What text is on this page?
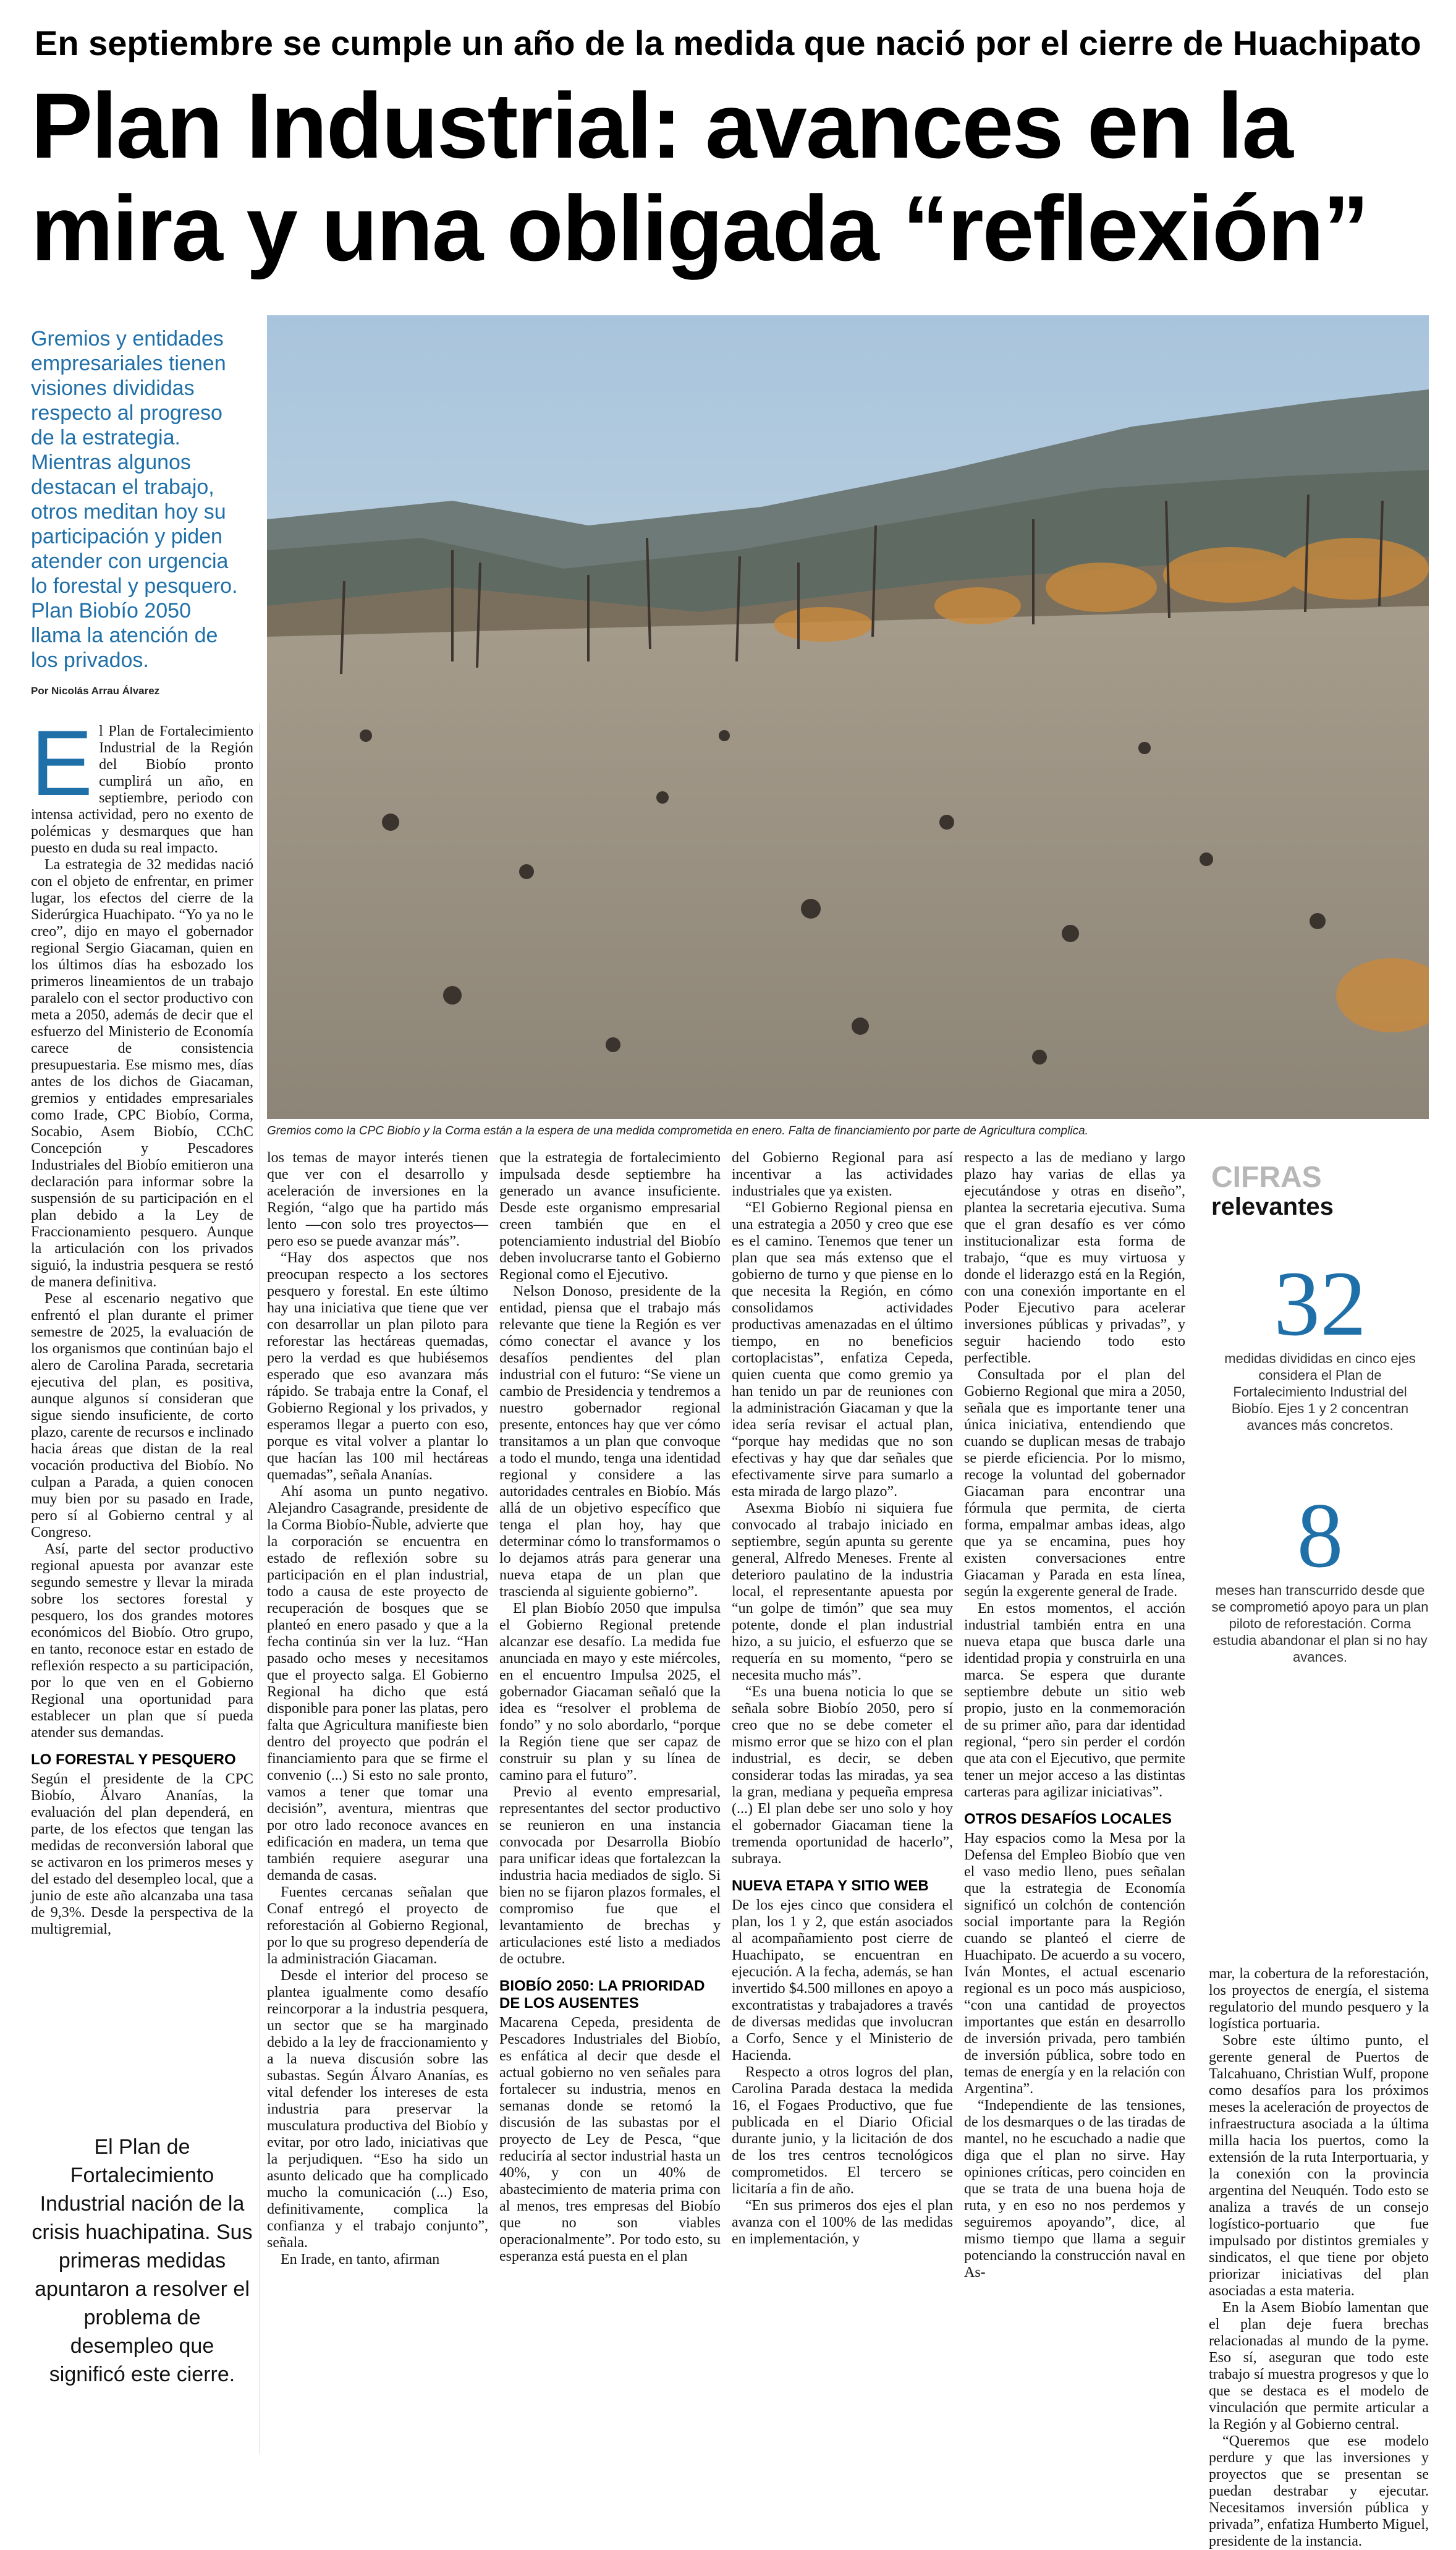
En septiembre se cumple un año de la medida que nació por el cierre de Huachipato
Plan Industrial: avances en la
mira y una obligada “reflexión”
Gremios y entidades empresariales tienen visiones divididas respecto al progreso de la estrategia. Mientras algunos destacan el trabajo, otros meditan hoy su participación y piden atender con urgencia lo forestal y pesquero. Plan Biobío 2050 llama la atención de los privados.
Por Nicolás Arrau Álvarez
Gremios como la CPC Biobío y la Corma están a la espera de una medida comprometida en enero. Falta de financiamiento por parte de Agricultura complica.
E l Plan de Fortalecimiento Industrial de la Región del Biobío pronto cumplirá un año, en septiembre, periodo con intensa actividad, pero no exento de polémicas y desmarques que han puesto en duda su real impacto.

La estrategia de 32 medidas nació con el objeto de enfrentar, en primer lugar, los efectos del cierre de la Siderúrgica Huachipato. “Yo ya no le creo”, dijo en mayo el gobernador regional Sergio Giacaman, quien en los últimos días ha esbozado los primeros lineamientos de un trabajo paralelo con el sector productivo con meta a 2050, además de decir que el esfuerzo del Ministerio de Economía carece de consistencia presupuestaria. Ese mismo mes, días antes de los dichos de Giacaman, gremios y entidades empresariales como Irade, CPC Biobío, Corma, Socabio, Asem Biobío, CChC Concepción y Pescadores Industriales del Biobío emitieron una declaración para informar sobre la suspensión de su participación en el plan debido a la Ley de Fraccionamiento pesquero. Aunque la articulación con los privados siguió, la industria pesquera se restó de manera definitiva.

Pese al escenario negativo que enfrentó el plan durante el primer semestre de 2025, la evaluación de los organismos que continúan bajo el alero de Carolina Parada, secretaria ejecutiva del plan, es positiva, aunque algunos sí consideran que sigue siendo insuficiente, de corto plazo, carente de recursos e inclinado hacia áreas que distan de la real vocación productiva del Biobío. No culpan a Parada, a quien conocen muy bien por su pasado en Irade, pero sí al Gobierno central y al Congreso.

Así, parte del sector productivo regional apuesta por avanzar este segundo semestre y llevar la mirada sobre los sectores forestal y pesquero, los dos grandes motores económicos del Biobío. Otro grupo, en tanto, reconoce estar en estado de reflexión respecto a su participación, por lo que ven en el Gobierno Regional una oportunidad para establecer un plan que sí pueda atender sus demandas.

LO FORESTAL Y PESQUERO

Según el presidente de la CPC Biobío, Álvaro Ananías, la evaluación del plan dependerá, en parte, de los efectos que tengan las medidas de reconversión laboral que se activaron en los primeros meses y del estado del desempleo local, que a junio de este año alcanzaba una tasa de 9,3%. Desde la perspectiva de la multigremial,

El Plan de Fortalecimiento Industrial nación de la crisis huachipatina. Sus primeras medidas apuntaron a resolver el problema de desempleo que significó este cierre.

los temas de mayor interés tienen que ver con el desarrollo y aceleración de inversiones en la Región, “algo que ha partido más lento —con solo tres proyectos— pero eso se puede avanzar más”.

“Hay dos aspectos que nos preocupan respecto a los sectores pesquero y forestal. En este último hay una iniciativa que tiene que ver con desarrollar un plan piloto para reforestar las hectáreas quemadas, pero la verdad es que hubiésemos esperado que eso avanzara más rápido. Se trabaja entre la Conaf, el Gobierno Regional y los privados, y esperamos llegar a puerto con eso, porque es vital volver a plantar lo que hacían las 100 mil hectáreas quemadas”, señala Ananías.

Ahí asoma un punto negativo. Alejandro Casagrande, presidente de la Corma Biobío-Ñuble, advierte que la corporación se encuentra en estado de reflexión sobre su participación en el plan industrial, todo a causa de este proyecto de recuperación de bosques que se planteó en enero pasado y que a la fecha continúa sin ver la luz. “Han pasado ocho meses y necesitamos que el proyecto salga. El Gobierno Regional ha dicho que está disponible para poner las platas, pero falta que Agricultura manifieste bien dentro del proyecto que podrán el financiamiento para que se firme el convenio (...) Si esto no sale pronto, vamos a tener que tomar una decisión”, aventura, mientras que por otro lado reconoce avances en edificación en madera, un tema que también requiere asegurar una demanda de casas.

Fuentes cercanas señalan que Conaf entregó el proyecto de reforestación al Gobierno Regional, por lo que su progreso dependería de la administración Giacaman.

Desde el interior del proceso se plantea igualmente como desafío reincorporar a la industria pesquera, un sector que se ha marginado debido a la ley de fraccionamiento y a la nueva discusión sobre las subastas. Según Álvaro Ananías, es vital defender los intereses de esta industria para preservar la musculatura productiva del Biobío y evitar, por otro lado, iniciativas que la perjudiquen. “Eso ha sido un asunto delicado que ha complicado mucho la comunicación (...) Eso, definitivamente, complica la confianza y el trabajo conjunto”, señala.

En Irade, en tanto, afirman

que la estrategia de fortalecimiento impulsada desde septiembre ha generado un avance insuficiente. Desde este organismo empresarial creen también que en el potenciamiento industrial del Biobío deben involucrarse tanto el Gobierno Regional como el Ejecutivo.

Nelson Donoso, presidente de la entidad, piensa que el trabajo más relevante que tiene la Región es ver cómo conectar el avance y los desafíos pendientes del plan industrial con el futuro: “Se viene un cambio de Presidencia y tendremos a nuestro gobernador regional presente, entonces hay que ver cómo transitamos a un plan que convoque a todo el mundo, tenga una identidad regional y considere a las autoridades centrales en Biobío. Más allá de un objetivo específico que tenga el plan hoy, hay que determinar cómo lo transformamos o lo dejamos atrás para generar una nueva etapa de un plan que trascienda al siguiente gobierno”.

El plan Biobío 2050 que impulsa el Gobierno Regional pretende alcanzar ese desafío. La medida fue anunciada en mayo y este miércoles, en el encuentro Impulsa 2025, el gobernador Giacaman señaló que la idea es “resolver el problema de fondo” y no solo abordarlo, “porque la Región tiene que ser capaz de construir su plan y su línea de camino para el futuro”.

Previo al evento empresarial, representantes del sector productivo se reunieron en una instancia convocada por Desarrolla Biobío para unificar ideas que fortalezcan la industria hacia mediados de siglo. Si bien no se fijaron plazos formales, el compromiso fue que el levantamiento de brechas y articulaciones esté listo a mediados de octubre.

BIOBÍO 2050: LA PRIORIDAD DE LOS AUSENTES

Macarena Cepeda, presidenta de Pescadores Industriales del Biobío, es enfática al decir que desde el actual gobierno no ven señales para fortalecer su industria, menos en semanas donde se retomó la discusión de las subastas por el proyecto de Ley de Pesca, “que reduciría al sector industrial hasta un 40%, y con un 40% de abastecimiento de materia prima con al menos, tres empresas del Biobío que no son viables operacionalmente”. Por todo esto, su esperanza está puesta en el plan

del Gobierno Regional para así incentivar a las actividades industriales que ya existen.

“El Gobierno Regional piensa en una estrategia a 2050 y creo que ese es el camino. Tenemos que tener un plan que sea más extenso que el gobierno de turno y que piense en lo que necesita la Región, en cómo consolidamos actividades productivas amenazadas en el último tiempo, en no beneficios cortoplacistas”, enfatiza Cepeda, quien cuenta que como gremio ya han tenido un par de reuniones con la administración Giacaman y que la idea sería revisar el actual plan, “porque hay medidas que no son efectivas y hay que dar señales que efectivamente sirve para sumarlo a esta mirada de largo plazo”.

Asexma Biobío ni siquiera fue convocado al trabajo iniciado en septiembre, según apunta su gerente general, Alfredo Meneses. Frente al deterioro paulatino de la industria local, el representante apuesta por “un golpe de timón” que sea muy potente, donde el plan industrial hizo, a su juicio, el esfuerzo que se requería en su momento, “pero se necesita mucho más”.

“Es una buena noticia lo que se señala sobre Biobío 2050, pero sí creo que no se debe cometer el mismo error que se hizo con el plan industrial, es decir, se deben considerar todas las miradas, ya sea la gran, mediana y pequeña empresa (...) El plan debe ser uno solo y hoy el gobernador Giacaman tiene la tremenda oportunidad de hacerlo”, subraya.

NUEVA ETAPA Y SITIO WEB

De los ejes cinco que considera el plan, los 1 y 2, que están asociados al acompañamiento post cierre de Huachipato, se encuentran en ejecución. A la fecha, además, se han invertido $4.500 millones en apoyo a excontratistas y trabajadores a través de diversas medidas que involucran a Corfo, Sence y el Ministerio de Hacienda.

Respecto a otros logros del plan, Carolina Parada destaca la medida 16, el Fogaes Productivo, que fue publicada en el Diario Oficial durante junio, y la licitación de dos de los tres centros tecnológicos comprometidos. El tercero se licitaría a fin de año.

“En sus primeros dos ejes el plan avanza con el 100% de las medidas en implementación, y

respecto a las de mediano y largo plazo hay varias de ellas ya ejecutándose y otras en diseño”, plantea la secretaria ejecutiva. Suma que el gran desafío es ver cómo institucionalizar esta forma de trabajo, “que es muy virtuosa y donde el liderazgo está en la Región, con una conexión importante en el Poder Ejecutivo para acelerar inversiones públicas y privadas”, y seguir haciendo todo esto perfectible.

Consultada por el plan del Gobierno Regional que mira a 2050, señala que es importante tener una única iniciativa, entendiendo que cuando se duplican mesas de trabajo se pierde eficiencia. Por lo mismo, recoge la voluntad del gobernador Giacaman para encontrar una fórmula que permita, de cierta forma, empalmar ambas ideas, algo que ya se encamina, pues hoy existen conversaciones entre Giacaman y Parada en esta línea, según la exgerente general de Irade.

En estos momentos, el acción industrial también entra en una nueva etapa que busca darle una identidad propia y construirla en una marca. Se espera que durante septiembre debute un sitio web propio, justo en la conmemoración de su primer año, para dar identidad regional, “pero sin perder el cordón que ata con el Ejecutivo, que permite tener un mejor acceso a las distintas carteras para agilizar iniciativas”.

OTROS DESAFÍOS LOCALES

Hay espacios como la Mesa por la Defensa del Empleo Biobío que ven el vaso medio lleno, pues señalan que la estrategia de Economía significó un colchón de contención social importante para la Región cuando se planteó el cierre de Huachipato. De acuerdo a su vocero, Iván Montes, el actual escenario regional es un poco más auspicioso, “con una cantidad de proyectos importantes que están en desarrollo de inversión privada, pero también de inversión pública, sobre todo en temas de energía y en la relación con Argentina”.

“Independiente de las tensiones, de los desmarques o de las tiradas de mantel, no he escuchado a nadie que diga que el plan no sirve. Hay opiniones críticas, pero coinciden en que se trata de una buena hoja de ruta, y en eso no nos perdemos y seguiremos apoyando”, dice, al mismo tiempo que llama a seguir potenciando la construcción naval en As-

CIFRAS
relevantes
32
medidas divididas en cinco ejes considera el Plan de Fortalecimiento Industrial del Biobío. Ejes 1 y 2 concentran avances más concretos.
8
meses han transcurrido desde que se comprometió apoyo para un plan piloto de reforestación. Corma estudia abandonar el plan si no hay avances.

mar, la cobertura de la reforestación, los proyectos de energía, el sistema regulatorio del mundo pesquero y la logística portuaria.

Sobre este último punto, el gerente general de Puertos de Talcahuano, Christian Wulf, propone como desafíos para los próximos meses la aceleración de proyectos de infraestructura asociada a la última milla hacia los puertos, como la extensión de la ruta Interportuaria, y la conexión con la provincia argentina del Neuquén. Todo esto se analiza a través de un consejo logístico-portuario que fue impulsado por distintos gremiales y sindicatos, el que tiene por objeto priorizar iniciativas del plan asociadas a esta materia.

En la Asem Biobío lamentan que el plan deje fuera brechas relacionadas al mundo de la pyme. Eso sí, aseguran que todo este trabajo sí muestra progresos y que lo que se destaca es el modelo de vinculación que permite articular a la Región y al Gobierno central.

“Queremos que ese modelo perdure y que las inversiones y proyectos que se presentan se puedan destrabar y ejecutar. Necesitamos inversión pública y privada”, enfatiza Humberto Miguel, presidente de la instancia.
